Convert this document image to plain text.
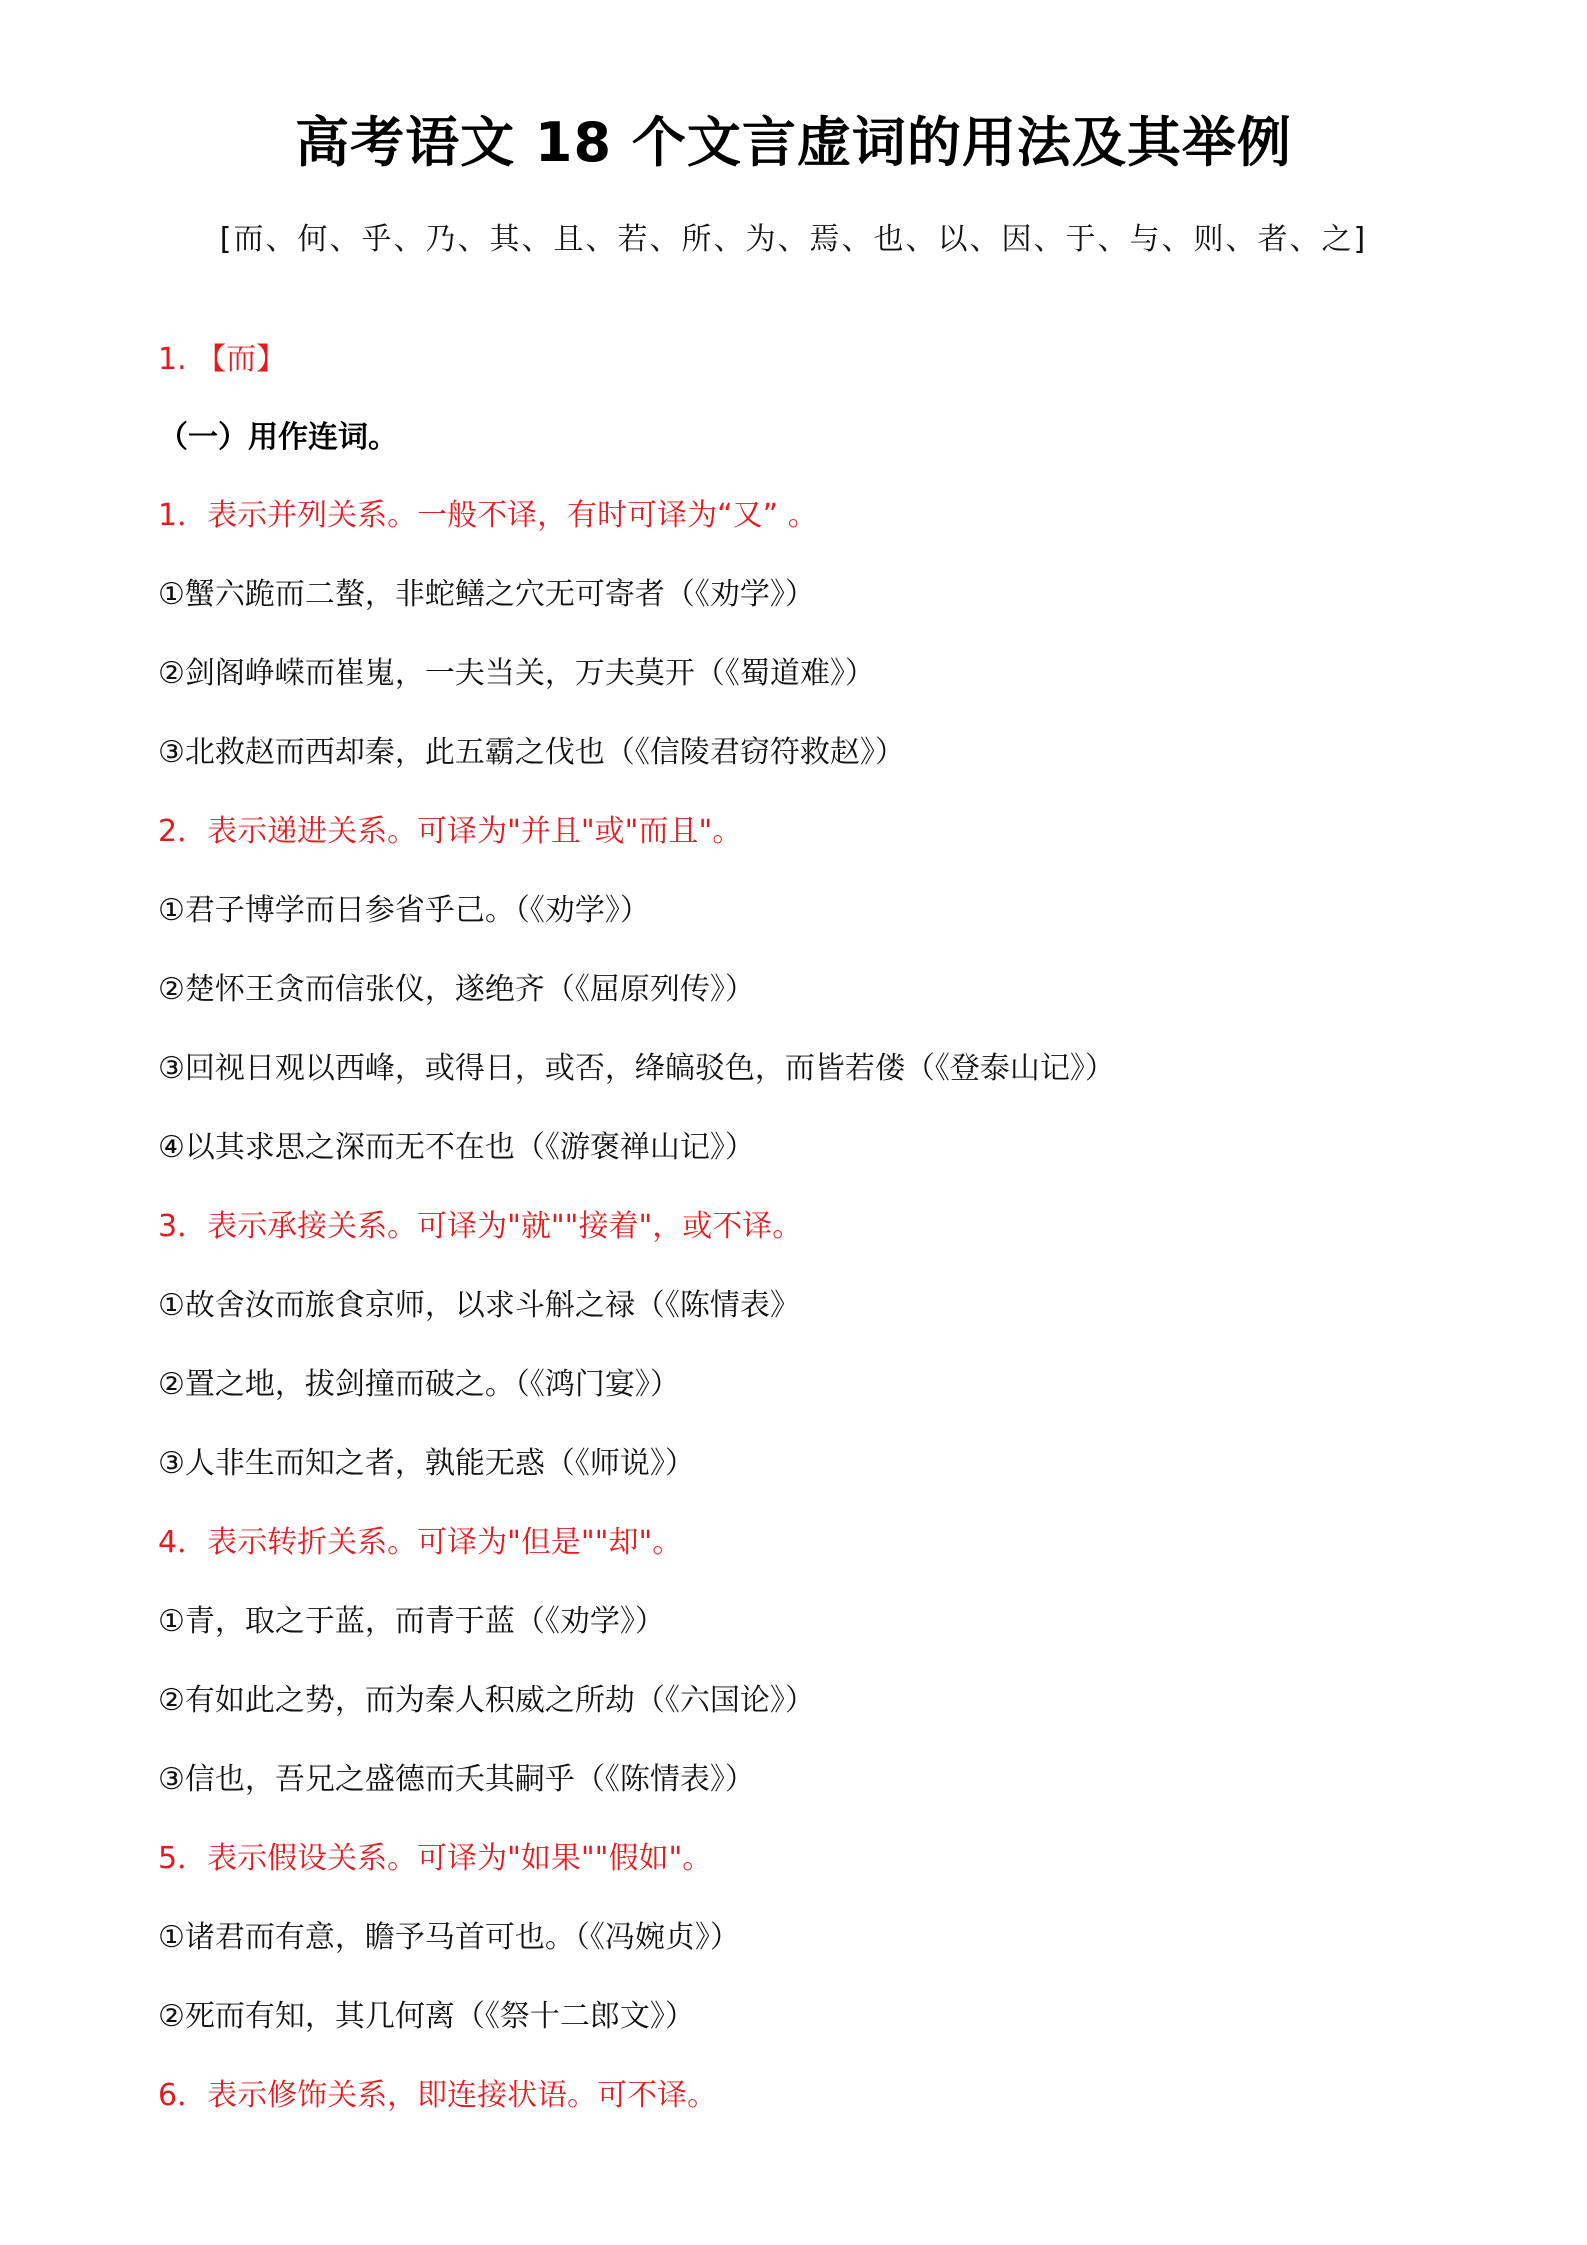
高考语文 18 个文言虚词的用法及其举例
[而、何、乎、乃、其、且、若、所、为、焉、也、以、因、于、与、则、者、之]
1. 【而】
（一）用作连词。
1．表示并列关系。一般不译，有时可译为“又” 。
①蟹六跪而二螯，非蛇鳝之穴无可寄者（《劝学》）
②剑阁峥嵘而崔嵬，一夫当关，万夫莫开（《蜀道难》）
③北救赵而西却秦，此五霸之伐也（《信陵君窃符救赵》）
2．表示递进关系。可译为"并且"或"而且"。
①君子博学而日参省乎己。（《劝学》）
②楚怀王贪而信张仪，遂绝齐（《屈原列传》）
③回视日观以西峰，或得日，或否，绛皜驳色，而皆若偻（《登泰山记》）
④以其求思之深而无不在也（《游褒禅山记》）
3．表示承接关系。可译为"就""接着"，或不译。
①故舍汝而旅食京师，以求斗斛之禄（《陈情表》
②置之地，拔剑撞而破之。（《鸿门宴》）
③人非生而知之者，孰能无惑（《师说》）
4．表示转折关系。可译为"但是""却"。
①青，取之于蓝，而青于蓝（《劝学》）
②有如此之势，而为秦人积威之所劫（《六国论》）
③信也，吾兄之盛德而夭其嗣乎（《陈情表》）
5．表示假设关系。可译为"如果""假如"。
①诸君而有意，瞻予马首可也。（《冯婉贞》）
②死而有知，其几何离（《祭十二郎文》）
6．表示修饰关系，即连接状语。可不译。
